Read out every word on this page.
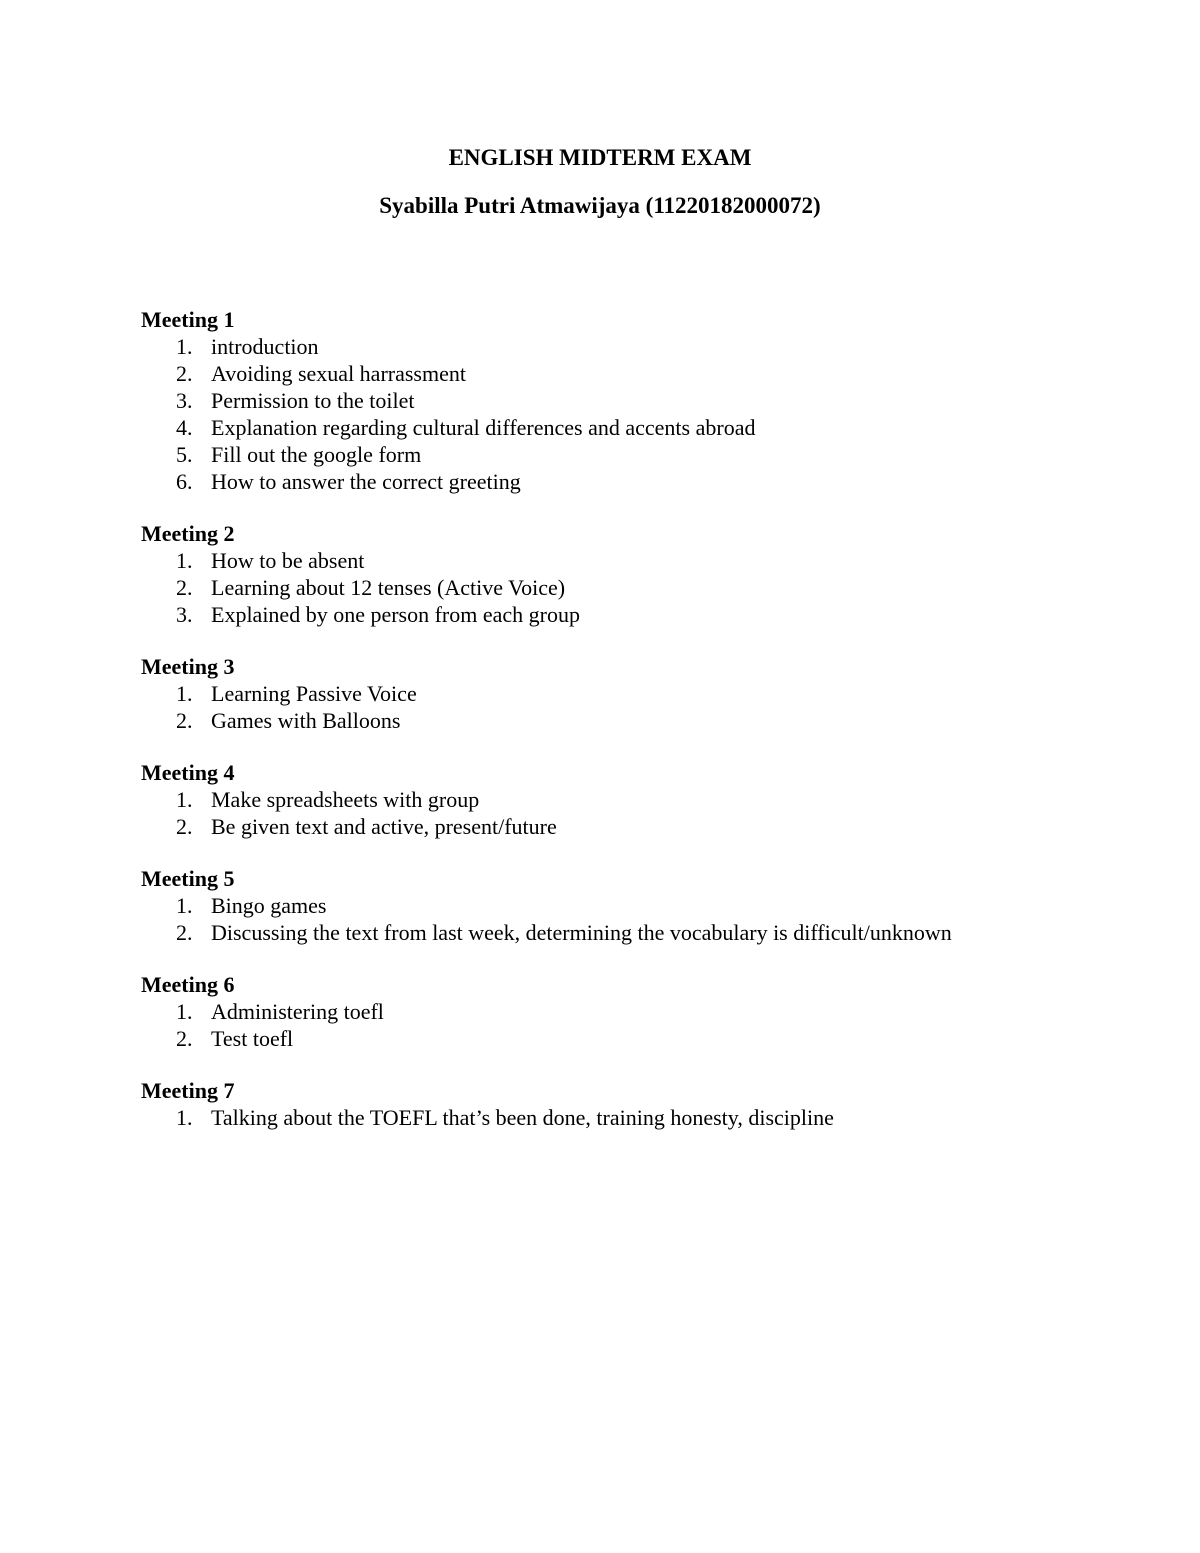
ENGLISH MIDTERM EXAM
Syabilla Putri Atmawijaya (11220182000072)
Meeting 1
1. introduction
2. Avoiding sexual harrassment
3. Permission to the toilet
4. Explanation regarding cultural differences and accents abroad
5. Fill out the google form
6. How to answer the correct greeting
Meeting 2
1. How to be absent
2. Learning about 12 tenses (Active Voice)
3. Explained by one person from each group
Meeting 3
1. Learning Passive Voice
2. Games with Balloons
Meeting 4
1. Make spreadsheets with group
2. Be given text and active, present/future
Meeting 5
1. Bingo games
2. Discussing the text from last week, determining the vocabulary is difficult/unknown
Meeting 6
1. Administering toefl
2. Test toefl
Meeting 7
1. Talking about the TOEFL that’s been done, training honesty, discipline
